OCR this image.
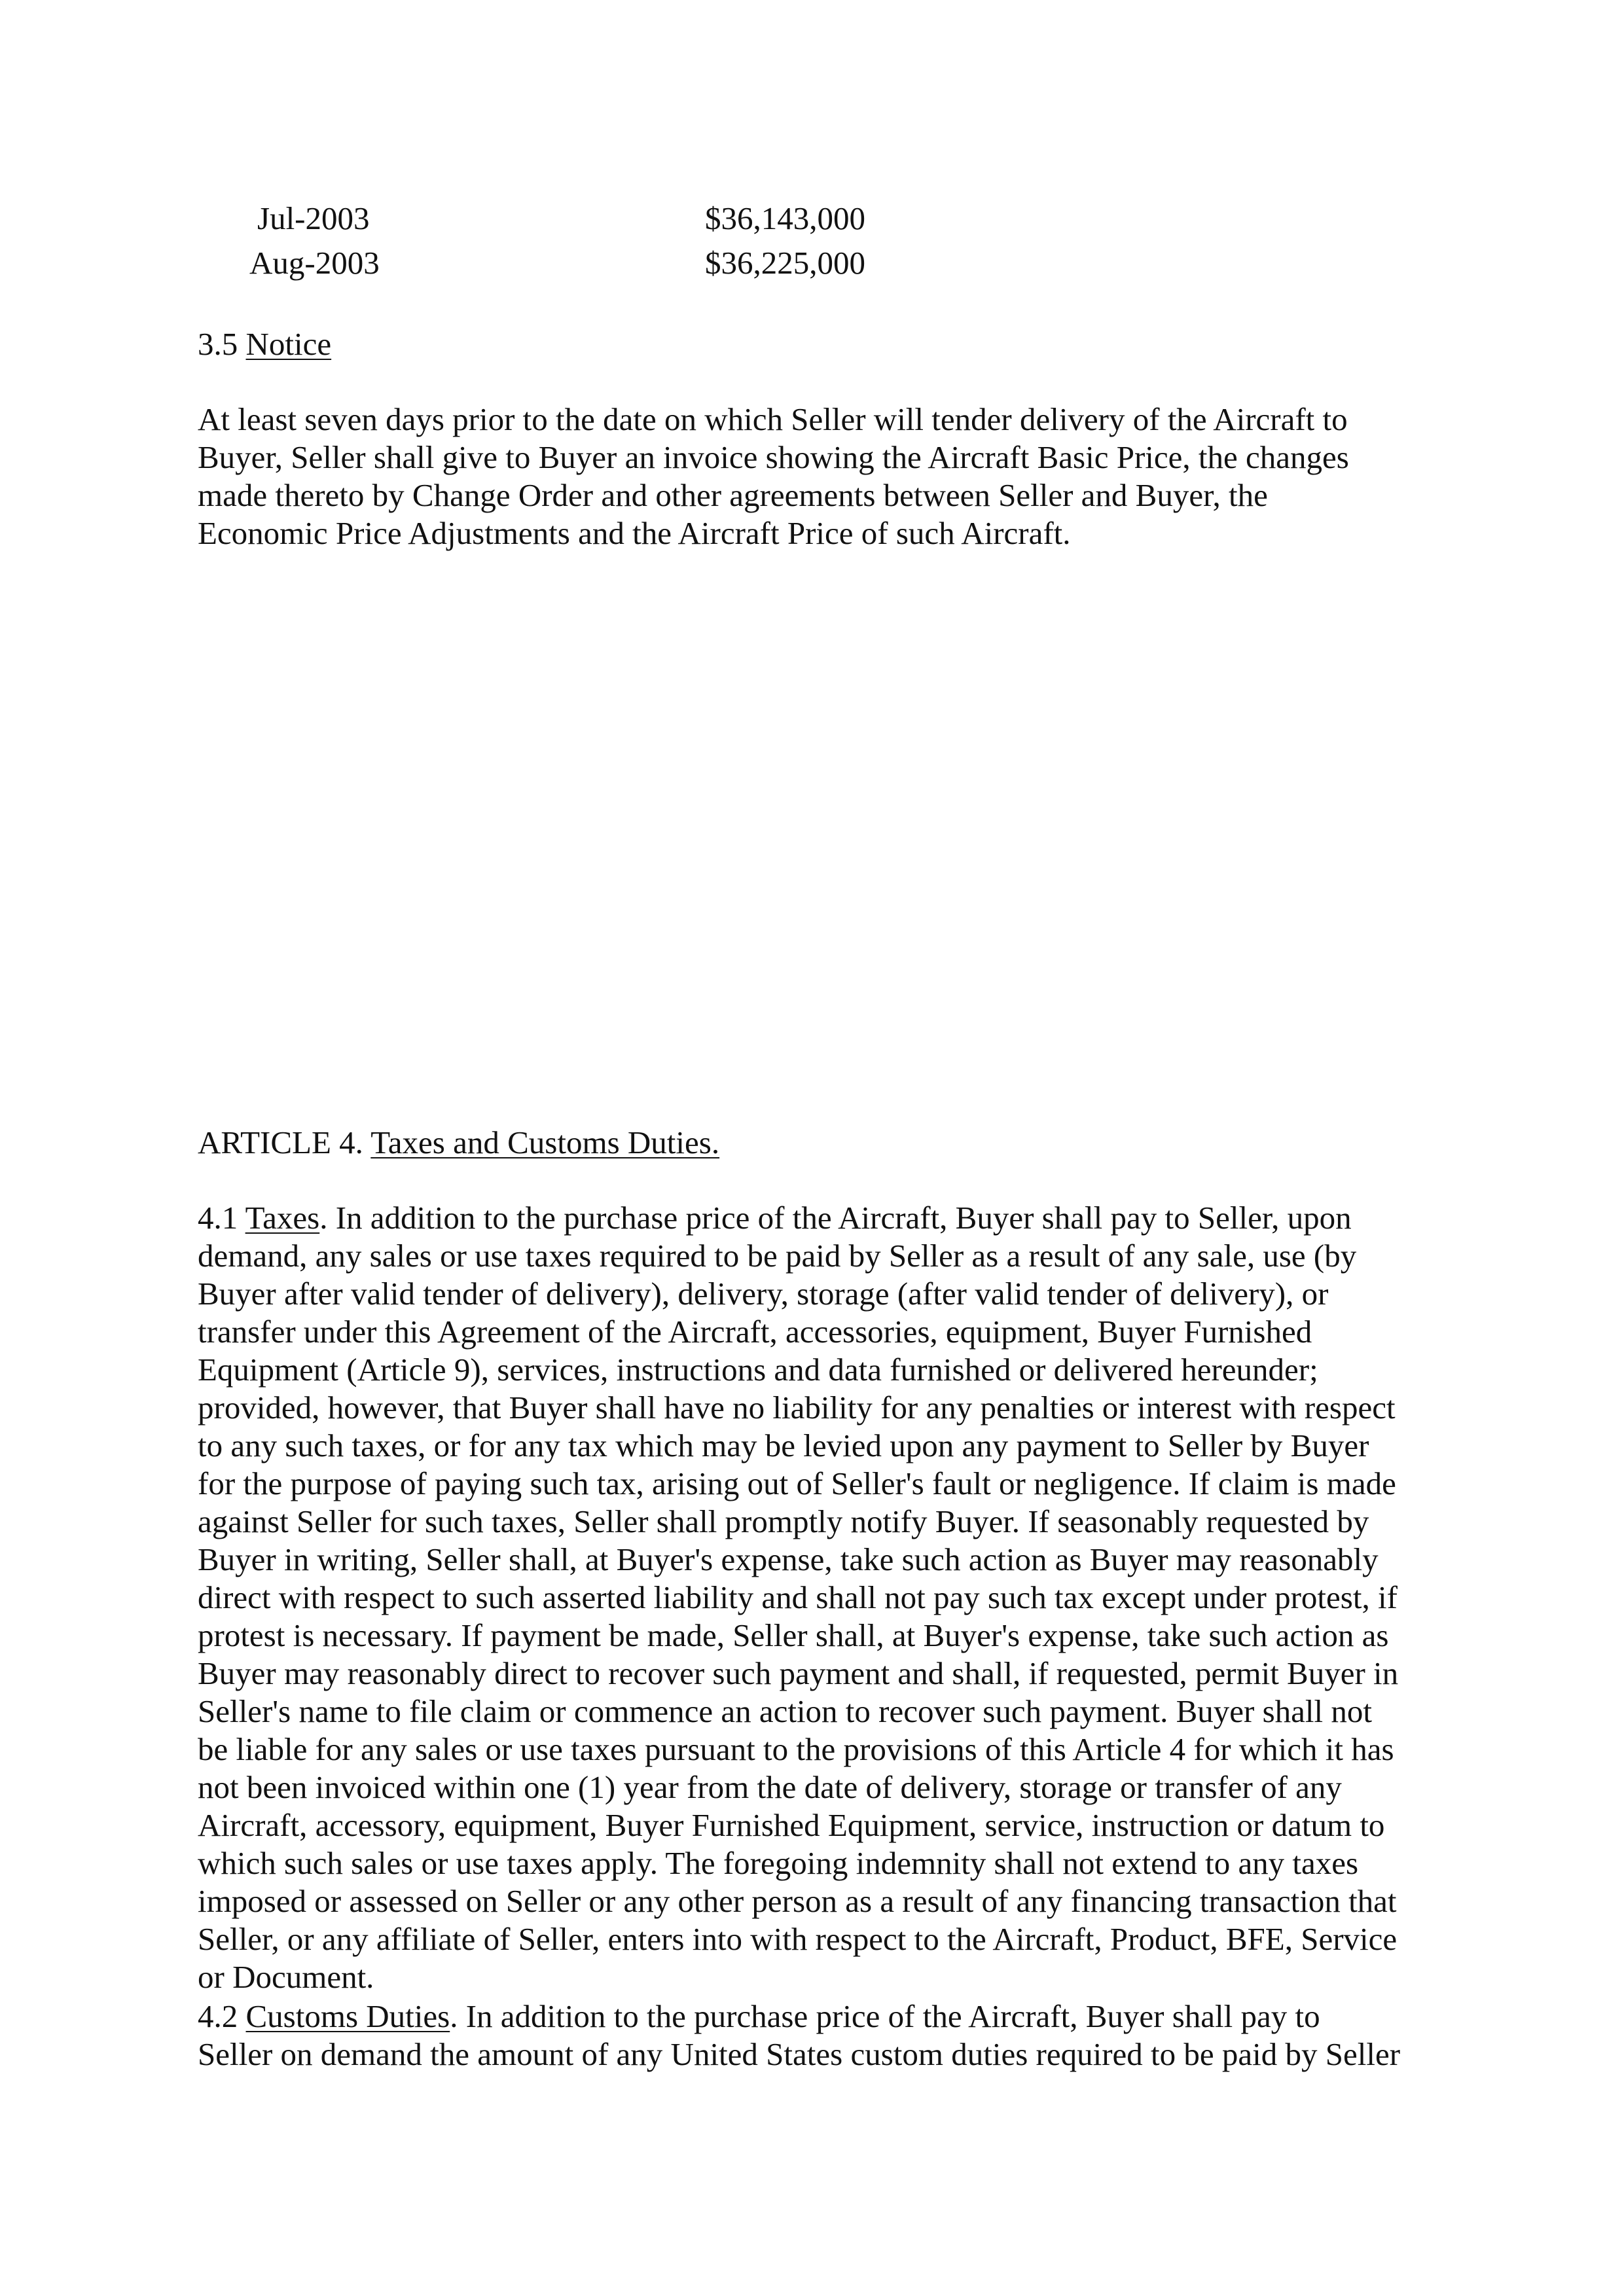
Jul-2003	$36,143,000
Aug-2003	$36,225,000
3.5 Notice
At least seven days prior to the date on which Seller will tender delivery of the Aircraft to
Buyer, Seller shall give to Buyer an invoice showing the Aircraft Basic Price, the changes
made thereto by Change Order and other agreements between Seller and Buyer, the
Economic Price Adjustments and the Aircraft Price of such Aircraft.
ARTICLE 4. Taxes and Customs Duties.
4.1 Taxes. In addition to the purchase price of the Aircraft, Buyer shall pay to Seller, upon
demand, any sales or use taxes required to be paid by Seller as a result of any sale, use (by
Buyer after valid tender of delivery), delivery, storage (after valid tender of delivery), or
transfer under this Agreement of the Aircraft, accessories, equipment, Buyer Furnished
Equipment (Article 9), services, instructions and data furnished or delivered hereunder;
provided, however, that Buyer shall have no liability for any penalties or interest with respect
to any such taxes, or for any tax which may be levied upon any payment to Seller by Buyer
for the purpose of paying such tax, arising out of Seller's fault or negligence. If claim is made
against Seller for such taxes, Seller shall promptly notify Buyer. If seasonably requested by
Buyer in writing, Seller shall, at Buyer's expense, take such action as Buyer may reasonably
direct with respect to such asserted liability and shall not pay such tax except under protest, if
protest is necessary. If payment be made, Seller shall, at Buyer's expense, take such action as
Buyer may reasonably direct to recover such payment and shall, if requested, permit Buyer in
Seller's name to file claim or commence an action to recover such payment. Buyer shall not
be liable for any sales or use taxes pursuant to the provisions of this Article 4 for which it has
not been invoiced within one (1) year from the date of delivery, storage or transfer of any
Aircraft, accessory, equipment, Buyer Furnished Equipment, service, instruction or datum to
which such sales or use taxes apply. The foregoing indemnity shall not extend to any taxes
imposed or assessed on Seller or any other person as a result of any financing transaction that
Seller, or any affiliate of Seller, enters into with respect to the Aircraft, Product, BFE, Service
or Document.
4.2 Customs Duties. In addition to the purchase price of the Aircraft, Buyer shall pay to
Seller on demand the amount of any United States custom duties required to be paid by Seller
